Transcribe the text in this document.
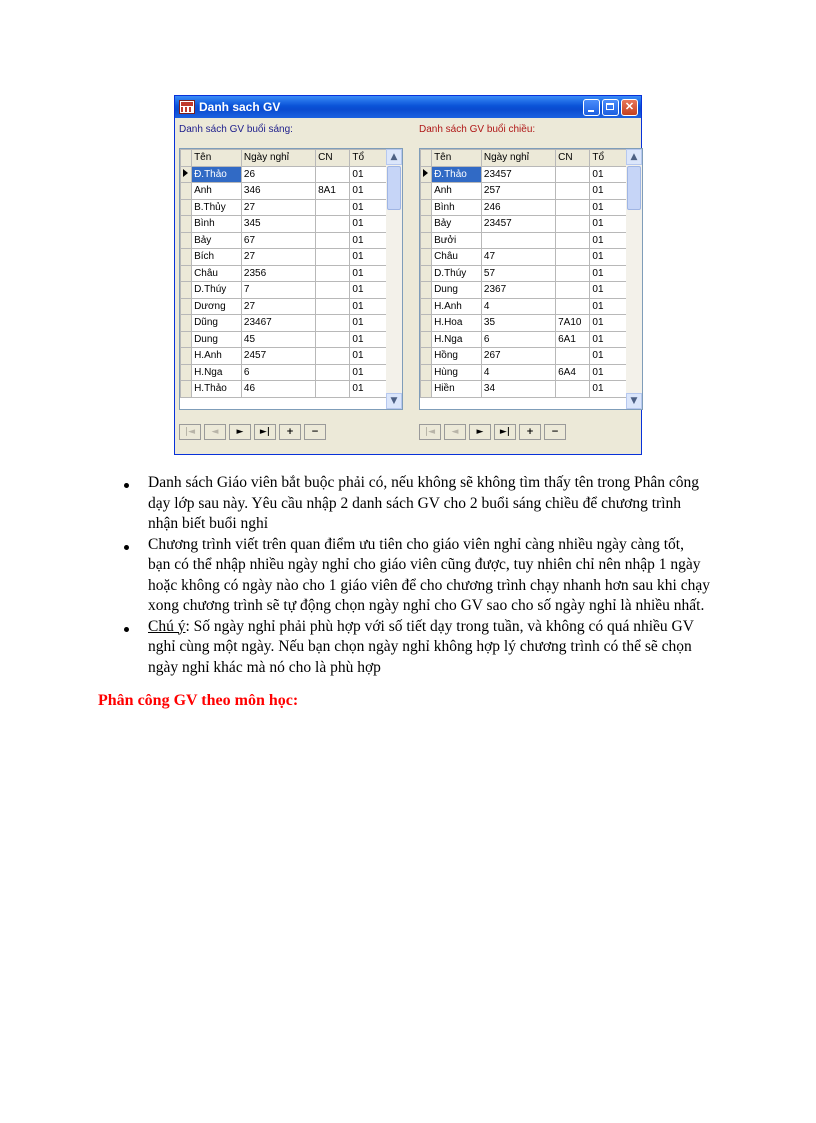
Danh sach GV	✕
Danh sách GV buổi sáng:
	Tên	Ngày nghỉ	CN	Tổ
	Đ.Thảo	26		01
	Anh	346	8A1	01
	B.Thủy	27		01
	Bình	345		01
	Bảy	67		01
	Bích	27		01
	Châu	2356		01
	D.Thúy	7		01
	Dương	27		01
	Dũng	23467		01
	Dung	45		01
	H.Anh	2457		01
	H.Nga	6		01
	H.Thảo	46		01
▲
▼
|◄	◄	►	►|	+	−
Danh sách GV buổi chiều:
	Tên	Ngày nghỉ	CN	Tổ
	Đ.Thảo	23457		01
	Anh	257		01
	Bình	246		01
	Bảy	23457		01
	Bưởi			01
	Châu	47		01
	D.Thúy	57		01
	Dung	2367		01
	H.Anh	4		01
	H.Hoa	35	7A10	01
	H.Nga	6	6A1	01
	Hồng	267		01
	Hùng	4	6A4	01
	Hiền	34		01
▲
▼
|◄	◄	►	►|	+	−
Danh sách Giáo viên bắt buộc phải có, nếu không sẽ không tìm thấy tên trong Phân công dạy lớp sau này. Yêu cầu nhập 2 danh sách GV cho 2 buổi sáng chiều để chương trình nhận biết buổi nghỉ
Chương trình viết trên quan điểm ưu tiên cho giáo viên nghỉ càng nhiều ngày càng tốt, bạn có thể nhập nhiều ngày nghỉ cho giáo viên cũng được, tuy nhiên chỉ nên nhập 1 ngày hoặc không có ngày nào cho 1 giáo viên để cho chương trình chạy nhanh hơn sau khi chạy xong chương trình sẽ tự động chọn ngày nghỉ cho GV sao cho số ngày nghỉ là nhiều nhất.
Chú ý: Số ngày nghỉ phải phù hợp với số tiết dạy trong tuần, và không có quá nhiều GV nghỉ cùng một ngày. Nếu bạn chọn ngày nghỉ không hợp lý chương trình có thể sẽ chọn ngày nghỉ khác mà nó cho là phù hợp
Phân công GV theo môn học:
